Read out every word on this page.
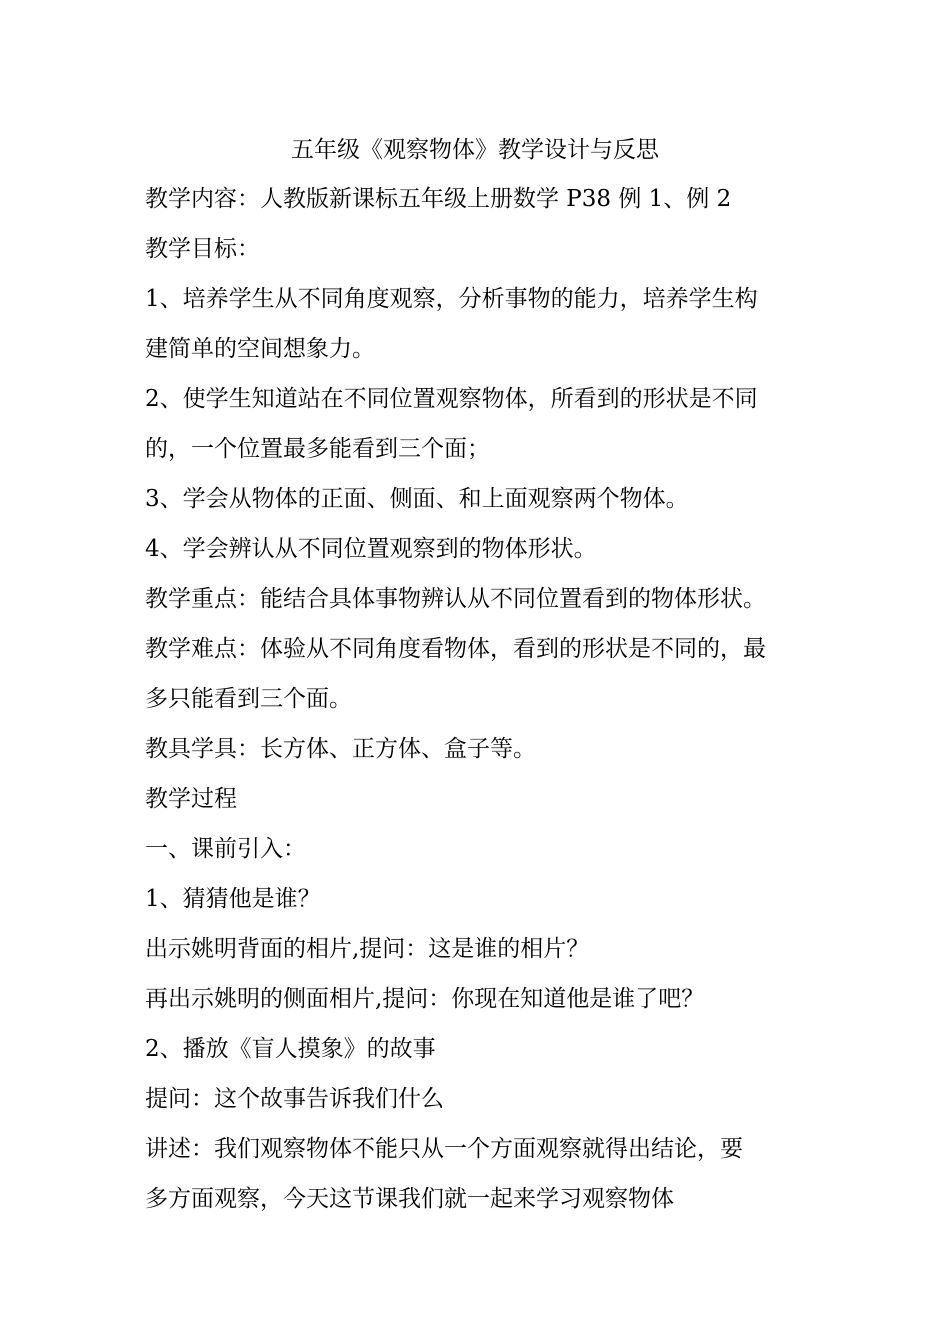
五年级《观察物体》教学设计与反思
教学内容：人教版新课标五年级上册数学 P38 例 1、例 2
教学目标：
1、培养学生从不同角度观察，分析事物的能力，培养学生构
建简单的空间想象力。
2、使学生知道站在不同位置观察物体，所看到的形状是不同
的，一个位置最多能看到三个面；
3、学会从物体的正面、侧面、和上面观察两个物体。
4、学会辨认从不同位置观察到的物体形状。
教学重点：能结合具体事物辨认从不同位置看到的物体形状。
教学难点：体验从不同角度看物体，看到的形状是不同的，最
多只能看到三个面。
教具学具：长方体、正方体、盒子等。
教学过程
一、课前引入：
1、猜猜他是谁？
出示姚明背面的相片,提问：这是谁的相片？
再出示姚明的侧面相片,提问：你现在知道他是谁了吧？
2、播放《盲人摸象》的故事
提问：这个故事告诉我们什么
讲述：我们观察物体不能只从一个方面观察就得出结论，要
多方面观察，今天这节课我们就一起来学习观察物体
